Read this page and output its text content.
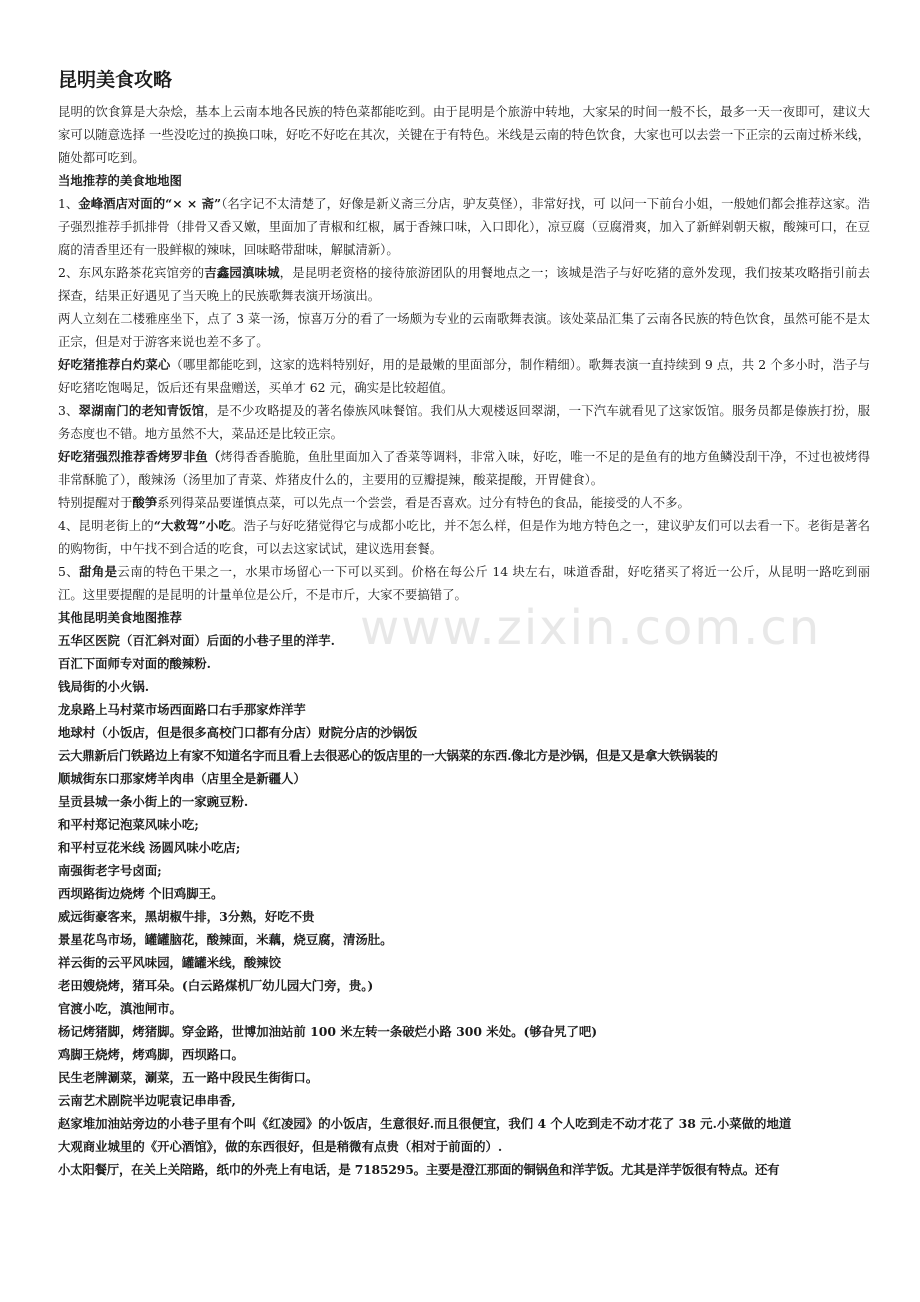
昆明美食攻略

昆明的饮食算是大杂烩，基本上云南本地各民族的特色菜都能吃到。由于昆明是个旅游中转地，大家呆的时间一般不长，最多一天一夜即可，建议大家可以随意选择 一些没吃过的换换口味，好吃不好吃在其次，关键在于有特色。米线是云南的特色饮食，大家也可以去尝一下正宗的云南过桥米线，随处都可吃到。

当地推荐的美食地地图

1、金峰酒店对面的“× × 斋”（名字记不太清楚了，好像是新义斋三分店，驴友莫怪），非常好找，可 以问一下前台小姐，一般她们都会推荐这家。浩子强烈推荐手抓排骨（排骨又香又嫩，里面加了青椒和红椒，属于香辣口味，入口即化），凉豆腐（豆腐滑爽，加入了新鲜剁朝天椒，酸辣可口，在豆腐的清香里还有一股鲜椒的辣味，回味略带甜味，解腻清新）。

2、东风东路茶花宾馆旁的吉鑫园滇味城，是昆明老资格的接待旅游团队的用餐地点之一；该城是浩子与好吃猪的意外发现，我们按某攻略指引前去探查，结果正好遇见了当天晚上的民族歌舞表演开场演出。

两人立刻在二楼雅座坐下，点了 3 菜一汤，惊喜万分的看了一场颇为专业的云南歌舞表演。该处菜品汇集了云南各民族的特色饮食，虽然可能不是太正宗，但是对于游客来说也差不多了。

好吃猪推荐白灼菜心（哪里都能吃到，这家的选料特别好，用的是最嫩的里面部分，制作精细）。歌舞表演一直持续到 9 点，共 2 个多小时，浩子与好吃猪吃饱喝足，饭后还有果盘赠送，买单才 62 元，确实是比较超值。

3、翠湖南门的老知青饭馆，是不少攻略提及的著名傣族风味餐馆。我们从大观楼返回翠湖，一下汽车就看见了这家饭馆。服务员都是傣族打扮，服务态度也不错。地方虽然不大，菜品还是比较正宗。

好吃猪强烈推荐香烤罗非鱼（烤得香香脆脆，鱼肚里面加入了香菜等调料，非常入味，好吃，唯一不足的是鱼有的地方鱼鳞没刮干净，不过也被烤得非常酥脆了），酸辣汤（汤里加了青菜、炸猪皮什么的，主要用的豆瓣提辣，酸菜提酸，开胃健食）。

特别提醒对于酸笋系列得菜品要谨慎点菜，可以先点一个尝尝，看是否喜欢。过分有特色的食品，能接受的人不多。

4、昆明老街上的“大救驾”小吃。浩子与好吃猪觉得它与成都小吃比，并不怎么样，但是作为地方特色之一，建议驴友们可以去看一下。老街是著名的购物街，中午找不到合适的吃食，可以去这家试试，建议选用套餐。

5、甜角是云南的特色干果之一，水果市场留心一下可以买到。价格在每公斤 14 块左右，味道香甜，好吃猪买了将近一公斤，从昆明一路吃到丽江。这里要提醒的是昆明的计量单位是公斤，不是市斤，大家不要搞错了。

其他昆明美食地图推荐

五华区医院（百汇斜对面）后面的小巷子里的洋芋.

百汇下面师专对面的酸辣粉.

钱局街的小火锅.

龙泉路上马村菜市场西面路口右手那家炸洋芋

地球村（小饭店，但是很多高校门口都有分店）财院分店的沙锅饭

云大鼎新后门铁路边上有家不知道名字而且看上去很恶心的饭店里的一大锅菜的东西.像北方是沙锅，但是又是拿大铁锅装的

顺城街东口那家烤羊肉串（店里全是新疆人）

呈贡县城一条小街上的一家豌豆粉.

和平村郑记泡菜风味小吃;

和平村豆花米线 汤圆风味小吃店;

南强街老字号卤面;

西坝路街边烧烤 个旧鸡脚王。

威远街豪客来，黑胡椒牛排，3分熟，好吃不贵

景星花鸟市场，罐罐脑花，酸辣面，米藕，烧豆腐，清汤肚。

祥云街的云平风味园，罐罐米线，酸辣饺

老田嫂烧烤，猪耳朵。(白云路煤机厂幼儿园大门旁，贵。)

官渡小吃，滇池闸市。

杨记烤猪脚，烤猪脚。穿金路，世博加油站前 100 米左转一条破烂小路 300 米处。(够旮旯了吧)

鸡脚王烧烤，烤鸡脚，西坝路口。

民生老牌涮菜，涮菜，五一路中段民生街街口。

云南艺术剧院半边呢袁记串串香,

赵家堆加油站旁边的小巷子里有个叫《红凌园》的小饭店，生意很好.而且很便宜，我们 4 个人吃到走不动才花了 38 元.小菜做的地道

大观商业城里的《开心酒馆》，做的东西很好，但是稍微有点贵（相对于前面的）.

小太阳餐厅，在关上关陪路，纸巾的外壳上有电话，是 7185295。主要是澄江那面的铜锅鱼和洋芋饭。尤其是洋芋饭很有特点。还有

www.zixin.com.cn
